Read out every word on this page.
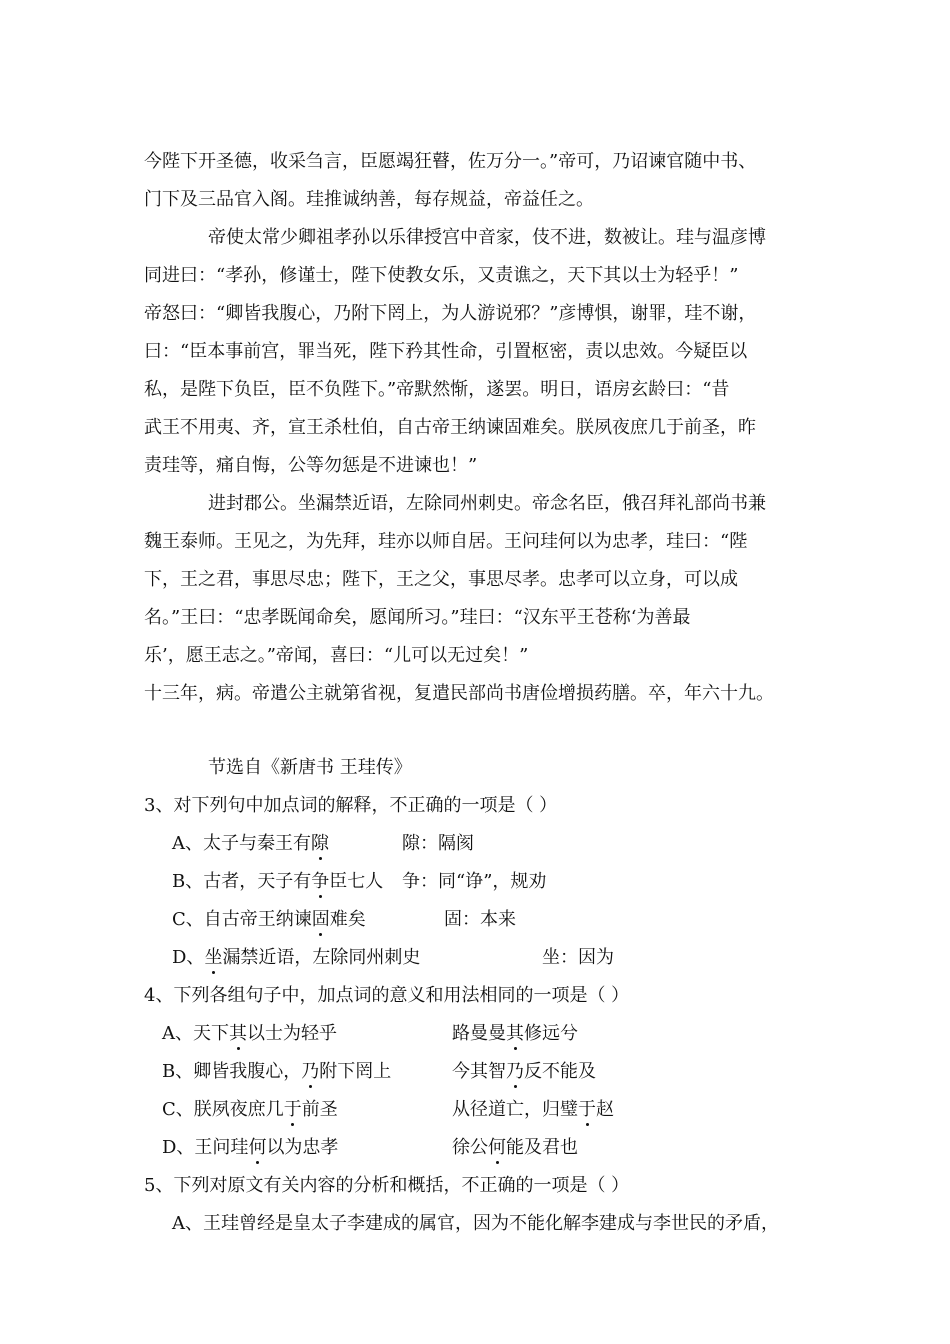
今陛下开圣德，收采刍言，臣愿竭狂瞽，佐万分一。”帝可，乃诏谏官随中书、

门下及三品官入阁。珪推诚纳善，每存规益，帝益任之。

帝使太常少卿祖孝孙以乐律授宫中音家，伎不进，数被让。珪与温彦博

同进曰：“孝孙，修谨士，陛下使教女乐，又责谯之，天下其以士为轻乎！”

帝怒曰：“卿皆我腹心，乃附下罔上，为人游说邪？”彦博惧，谢罪，珪不谢，

曰：“臣本事前宫，罪当死，陛下矜其性命，引置枢密，责以忠效。今疑臣以

私，是陛下负臣，臣不负陛下。”帝默然惭，遂罢。明日，语房玄龄曰：“昔

武王不用夷、齐，宣王杀杜伯，自古帝王纳谏固难矣。朕夙夜庶几于前圣，昨

责珪等，痛自悔，公等勿惩是不进谏也！”

进封郡公。坐漏禁近语，左除同州刺史。帝念名臣，俄召拜礼部尚书兼

魏王泰师。王见之，为先拜，珪亦以师自居。王问珪何以为忠孝，珪曰：“陛

下，王之君，事思尽忠；陛下，王之父，事思尽孝。忠孝可以立身，可以成

名。”王曰：“忠孝既闻命矣，愿闻所习。”珪曰：“汉东平王苍称‘为善最

乐’，愿王志之。”帝闻，喜曰：“儿可以无过矣！”

十三年，病。帝遣公主就第省视，复遣民部尚书唐俭增损药膳。卒，年六十九。

节选自《新唐书 王珪传》

3、对下列句中加点词的解释，不正确的一项是（ ）

A、太子与秦王有隙	隙：隔阂

B、古者，天子有争臣七人 争：同“诤”，规劝

C、自古帝王纳谏固难矣	固：本来

D、坐漏禁近语，左除同州刺史	坐：因为

4、下列各组句子中，加点词的意义和用法相同的一项是（ ）

A、天下其以士为轻乎	路曼曼其修远兮

B、卿皆我腹心，乃附下罔上	今其智乃反不能及

C、朕夙夜庶几于前圣	从径道亡，归璧于赵

D、王问珪何以为忠孝	徐公何能及君也

5、下列对原文有关内容的分析和概括，不正确的一项是（ ）

A、王珪曾经是皇太子李建成的属官，因为不能化解李建成与李世民的矛盾，
